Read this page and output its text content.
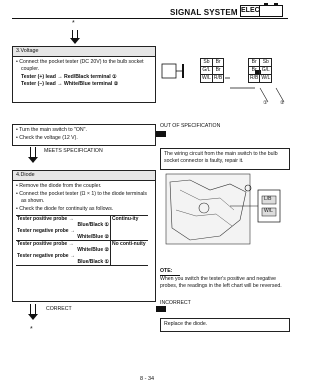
SIGNAL SYSTEM ELEC
*
3.Voltage
• Connect the pocket tester (DC 20V) to the bulb socket coupler.
Tester (+) lead → Red/Black terminal ①
Tester (–) lead → White/Blue terminal ②
Sb	Br
G/L	Br
W/L	R/B
Br	Sb
Br	G/L
R/B	W/L
① ②
• Turn the main switch to "ON".
• Check the voltage (12 V).
OUT OF SPECIFICATION
The wiring circuit from the main switch to the bulb socket connector is faulty, repair it.
MEETS SPECIFICATION
4.Diode
• Remove the diode from the coupler.
• Connect the pocket tester (Ω × 1) to the diode terminals as shown.
• Check the diode for continuity as follows.
Tester positive probe →
Blue/Black ①
Tester negative probe →
White/Blue ②	Continu-ity

Tester positive probe →
White/Blue ②
Tester negative probe →
Blue/Black ①	No conti-nuity
L/B
W/L
OTE:
When you switch the tester's positive and negative probes, the readings in the left chart will be reversed.
INCORRECT
Replace the diode.
CORRECT
*
8 - 34
